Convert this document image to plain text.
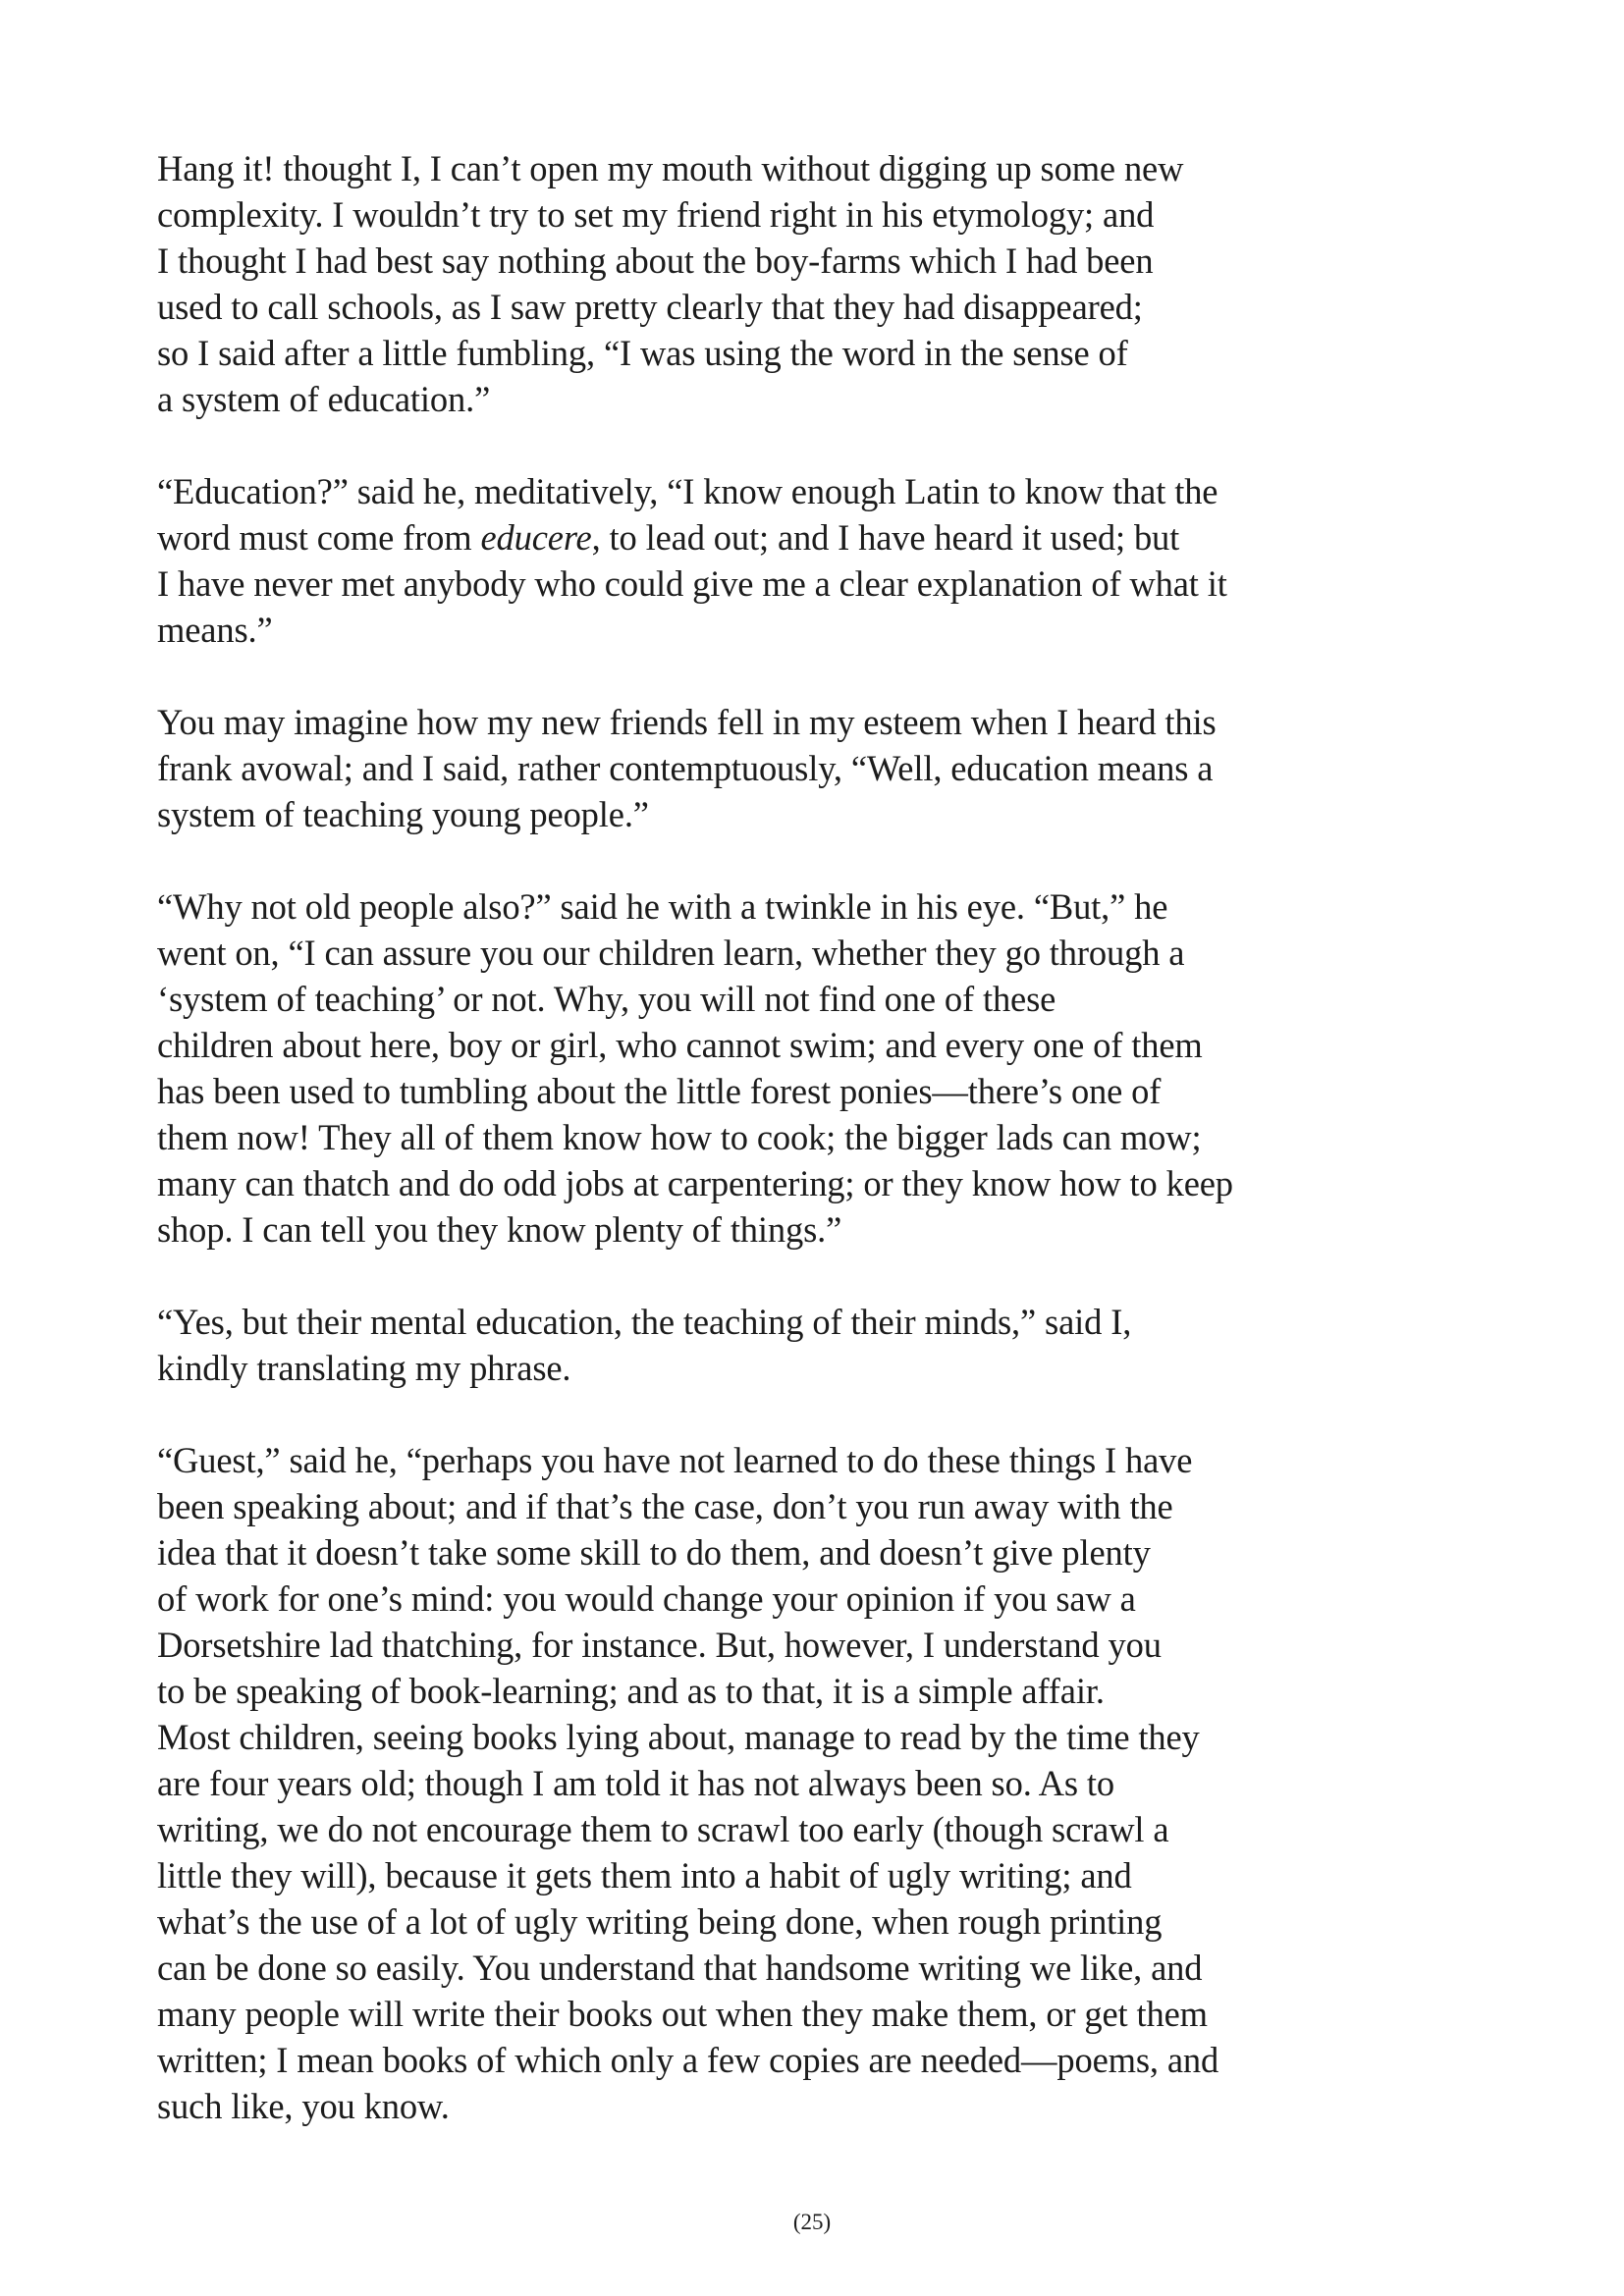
Hang it! thought I, I can’t open my mouth without digging up some new
complexity. I wouldn’t try to set my friend right in his etymology; and
I thought I had best say nothing about the boy-farms which I had been
used to call schools, as I saw pretty clearly that they had disappeared;
so I said after a little fumbling, “I was using the word in the sense of
a system of education.”

“Education?” said he, meditatively, “I know enough Latin to know that the
word must come from educere, to lead out; and I have heard it used; but
I have never met anybody who could give me a clear explanation of what it
means.”

You may imagine how my new friends fell in my esteem when I heard this
frank avowal; and I said, rather contemptuously, “Well, education means a
system of teaching young people.”

“Why not old people also?” said he with a twinkle in his eye. “But,” he
went on, “I can assure you our children learn, whether they go through a
‘system of teaching’ or not. Why, you will not find one of these
children about here, boy or girl, who cannot swim; and every one of them
has been used to tumbling about the little forest ponies—there’s one of
them now! They all of them know how to cook; the bigger lads can mow;
many can thatch and do odd jobs at carpentering; or they know how to keep
shop. I can tell you they know plenty of things.”

“Yes, but their mental education, the teaching of their minds,” said I,
kindly translating my phrase.

“Guest,” said he, “perhaps you have not learned to do these things I have
been speaking about; and if that’s the case, don’t you run away with the
idea that it doesn’t take some skill to do them, and doesn’t give plenty
of work for one’s mind: you would change your opinion if you saw a
Dorsetshire lad thatching, for instance. But, however, I understand you
to be speaking of book-learning; and as to that, it is a simple affair.
Most children, seeing books lying about, manage to read by the time they
are four years old; though I am told it has not always been so. As to
writing, we do not encourage them to scrawl too early (though scrawl a
little they will), because it gets them into a habit of ugly writing; and
what’s the use of a lot of ugly writing being done, when rough printing
can be done so easily. You understand that handsome writing we like, and
many people will write their books out when they make them, or get them
written; I mean books of which only a few copies are needed—poems, and
such like, you know.

(25)
